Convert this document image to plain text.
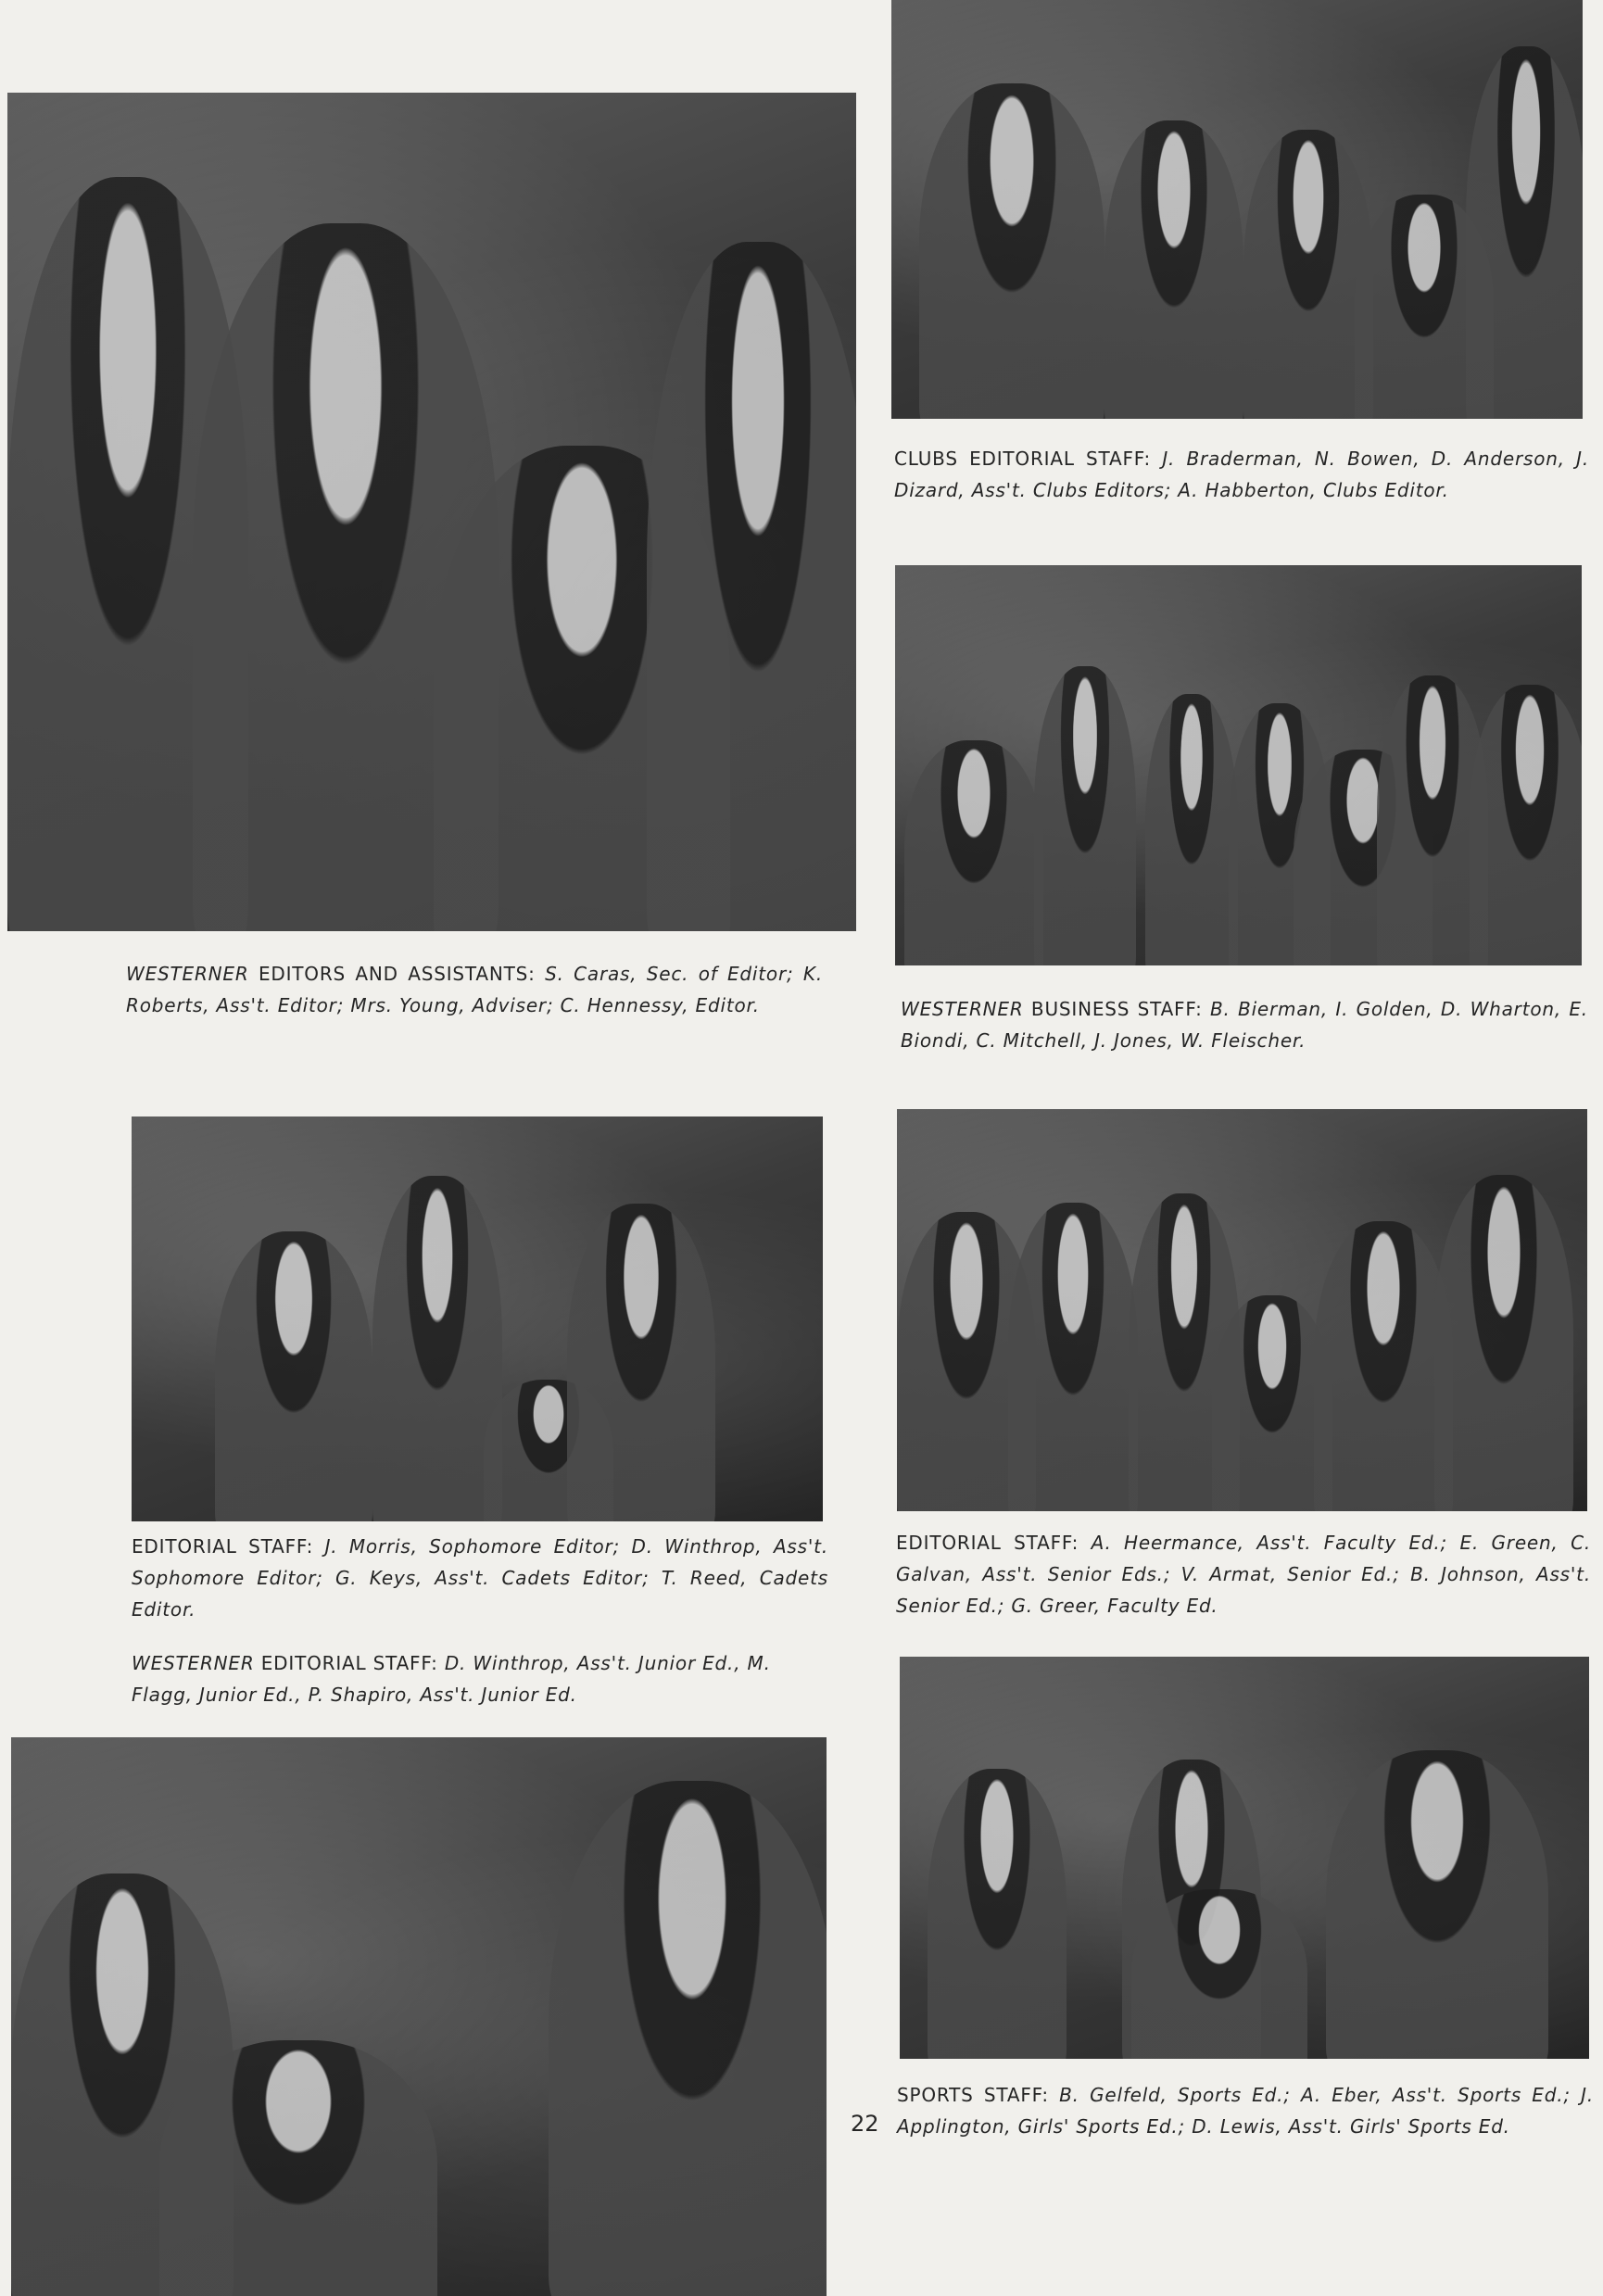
CLUBS EDITORIAL STAFF: J. Braderman, N. Bowen, D. Anderson, J. Dizard, Ass't. Clubs Editors; A. Habberton, Clubs Editor.
WESTERNER EDITORS AND ASSISTANTS: S. Caras, Sec. of Editor; K. Roberts, Ass't. Editor; Mrs. Young, Adviser; C. Hennessy, Editor.	WESTERNER BUSINESS STAFF: B. Bierman, I. Golden, D. Wharton, E. Biondi, C. Mitchell, J. Jones, W. Fleischer.
EDITORIAL STAFF: J. Morris, Sophomore Editor; D. Winthrop, Ass't. Sophomore Editor; G. Keys, Ass't. Cadets Editor; T. Reed, Cadets Editor.
EDITORIAL STAFF: A. Heermance, Ass't. Faculty Ed.; E. Green, C. Galvan, Ass't. Senior Eds.; V. Armat, Senior Ed.; B. Johnson, Ass't. Senior Ed.; G. Greer, Faculty Ed.
WESTERNER EDITORIAL STAFF: D. Winthrop, Ass't. Junior Ed., M. Flagg, Junior Ed., P. Shapiro, Ass't. Junior Ed.
SPORTS STAFF: B. Gelfeld, Sports Ed.; A. Eber, Ass't. Sports Ed.; J. Applington, Girls' Sports Ed.; D. Lewis, Ass't. Girls' Sports Ed.
22
